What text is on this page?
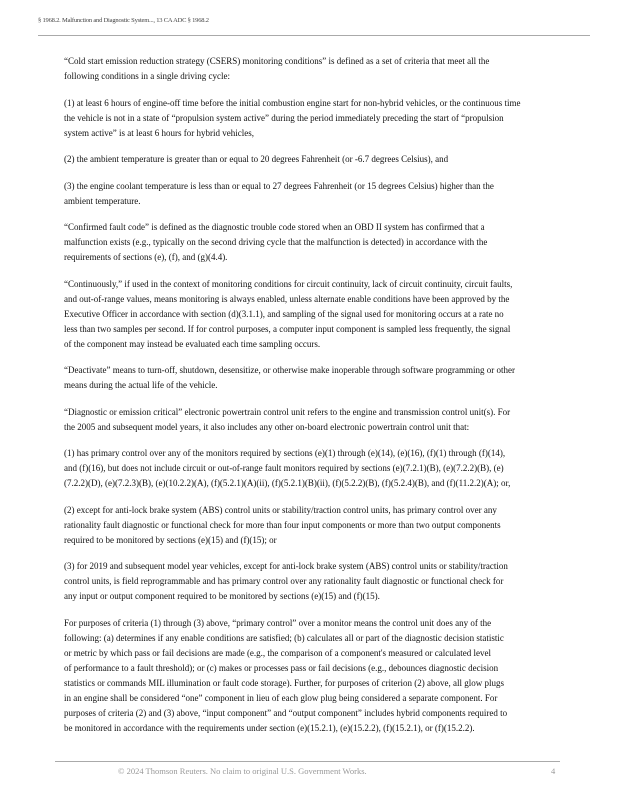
§ 1968.2. Malfunction and Diagnostic System..., 13 CA ADC § 1968.2
“Cold start emission reduction strategy (CSERS) monitoring conditions” is defined as a set of criteria that meet all the
following conditions in a single driving cycle:
(1) at least 6 hours of engine-off time before the initial combustion engine start for non-hybrid vehicles, or the continuous time
the vehicle is not in a state of “propulsion system active” during the period immediately preceding the start of “propulsion
system active” is at least 6 hours for hybrid vehicles,
(2) the ambient temperature is greater than or equal to 20 degrees Fahrenheit (or -6.7 degrees Celsius), and
(3) the engine coolant temperature is less than or equal to 27 degrees Fahrenheit (or 15 degrees Celsius) higher than the
ambient temperature.
“Confirmed fault code” is defined as the diagnostic trouble code stored when an OBD II system has confirmed that a
malfunction exists (e.g., typically on the second driving cycle that the malfunction is detected) in accordance with the
requirements of sections (e), (f), and (g)(4.4).
“Continuously,” if used in the context of monitoring conditions for circuit continuity, lack of circuit continuity, circuit faults,
and out-of-range values, means monitoring is always enabled, unless alternate enable conditions have been approved by the
Executive Officer in accordance with section (d)(3.1.1), and sampling of the signal used for monitoring occurs at a rate no
less than two samples per second. If for control purposes, a computer input component is sampled less frequently, the signal
of the component may instead be evaluated each time sampling occurs.
“Deactivate” means to turn-off, shutdown, desensitize, or otherwise make inoperable through software programming or other
means during the actual life of the vehicle.
“Diagnostic or emission critical” electronic powertrain control unit refers to the engine and transmission control unit(s). For
the 2005 and subsequent model years, it also includes any other on-board electronic powertrain control unit that:
(1) has primary control over any of the monitors required by sections (e)(1) through (e)(14), (e)(16), (f)(1) through (f)(14),
and (f)(16), but does not include circuit or out-of-range fault monitors required by sections (e)(7.2.1)(B), (e)(7.2.2)(B), (e)
(7.2.2)(D), (e)(7.2.3)(B), (e)(10.2.2)(A), (f)(5.2.1)(A)(ii), (f)(5.2.1)(B)(ii), (f)(5.2.2)(B), (f)(5.2.4)(B), and (f)(11.2.2)(A); or,
(2) except for anti-lock brake system (ABS) control units or stability/traction control units, has primary control over any
rationality fault diagnostic or functional check for more than four input components or more than two output components
required to be monitored by sections (e)(15) and (f)(15); or
(3) for 2019 and subsequent model year vehicles, except for anti-lock brake system (ABS) control units or stability/traction
control units, is field reprogrammable and has primary control over any rationality fault diagnostic or functional check for
any input or output component required to be monitored by sections (e)(15) and (f)(15).
For purposes of criteria (1) through (3) above, “primary control” over a monitor means the control unit does any of the
following: (a) determines if any enable conditions are satisfied; (b) calculates all or part of the diagnostic decision statistic
or metric by which pass or fail decisions are made (e.g., the comparison of a component's measured or calculated level
of performance to a fault threshold); or (c) makes or processes pass or fail decisions (e.g., debounces diagnostic decision
statistics or commands MIL illumination or fault code storage). Further, for purposes of criterion (2) above, all glow plugs
in an engine shall be considered “one” component in lieu of each glow plug being considered a separate component. For
purposes of criteria (2) and (3) above, “input component” and “output component” includes hybrid components required to
be monitored in accordance with the requirements under section (e)(15.2.1), (e)(15.2.2), (f)(15.2.1), or (f)(15.2.2).
© 2024 Thomson Reuters. No claim to original U.S. Government Works.	4
